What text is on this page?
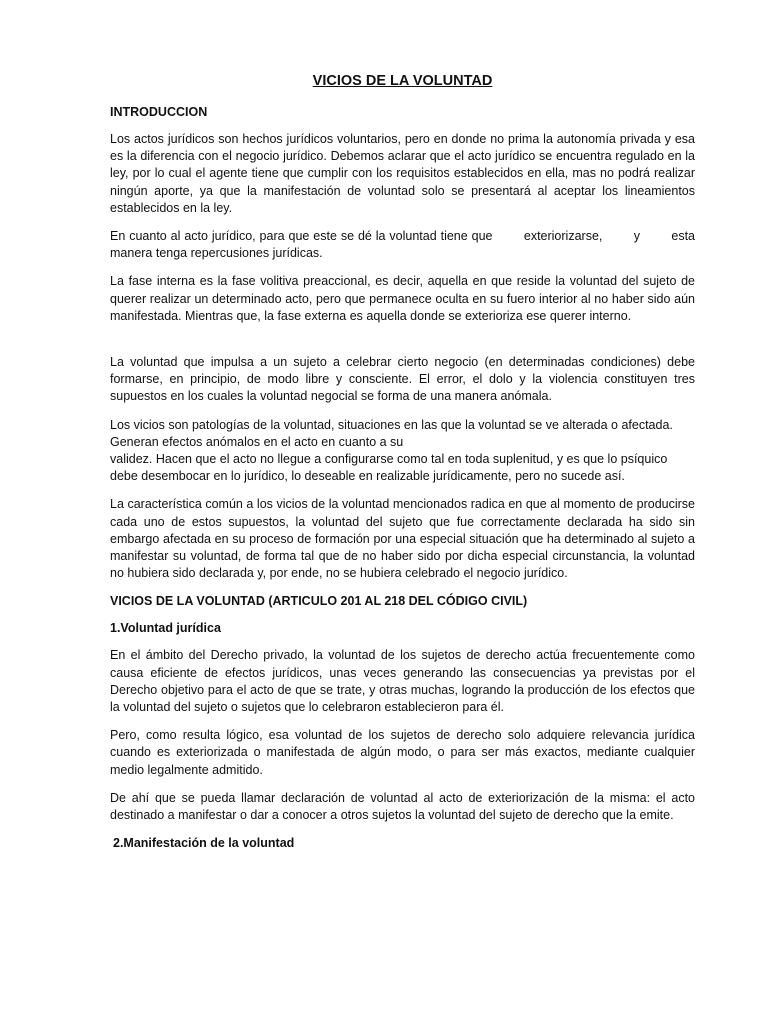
VICIOS DE LA VOLUNTAD
INTRODUCCION

Los actos jurídicos son hechos jurídicos voluntarios, pero en donde no prima la autonomía privada y esa es la diferencia con el negocio jurídico. Debemos aclarar que el acto jurídico se encuentra regulado en la ley, por lo cual el agente tiene que cumplir con los requisitos establecidos en ella, mas no podrá realizar ningún aporte, ya que la manifestación de voluntad solo se presentará al aceptar los lineamientos establecidos en la ley.

En cuanto al acto jurídico, para que este se dé la voluntad tiene que        exteriorizarse,        y        esta manera tenga repercusiones jurídicas.

La fase interna es la fase volitiva preaccional, es decir, aquella en que reside la voluntad del sujeto de querer realizar un determinado acto, pero que permanece oculta en su fuero interior al no haber sido aún manifestada. Mientras que, la fase externa es aquella donde se exterioriza ese querer interno.

La voluntad que impulsa a un sujeto a celebrar cierto negocio (en determinadas condiciones) debe formarse, en principio, de modo libre y consciente. El error, el dolo y la violencia constituyen tres supuestos en los cuales la voluntad negocial se forma de una manera anómala.

Los vicios son patologías de la voluntad, situaciones en las que la voluntad se ve alterada o afectada.
Generan efectos anómalos en el acto en cuanto a su
validez. Hacen que el acto no llegue a configurarse como tal en toda suplenitud, y es que lo psíquico debe desembocar en lo jurídico, lo deseable en realizable jurídicamente, pero no sucede así.

La característica común a los vicios de la voluntad mencionados radica en que al momento de producirse cada uno de estos supuestos, la voluntad del sujeto que fue correctamente declarada ha sido sin embargo afectada en su proceso de formación por una especial situación que ha determinado al sujeto a manifestar su voluntad, de forma tal que de no haber sido por dicha especial circunstancia, la voluntad no hubiera sido declarada y, por ende, no se hubiera celebrado el negocio jurídico.

VICIOS DE LA VOLUNTAD (ARTICULO 201 AL 218 DEL CÓDIGO CIVIL)
1.Voluntad jurídica

En el ámbito del Derecho privado, la voluntad de los sujetos de derecho actúa frecuentemente como causa eficiente de efectos jurídicos, unas veces generando las consecuencias ya previstas por el Derecho objetivo para el acto de que se trate, y otras muchas, logrando la producción de los efectos que la voluntad del sujeto o sujetos que lo celebraron establecieron para él.

Pero, como resulta lógico, esa voluntad de los sujetos de derecho solo adquiere relevancia jurídica cuando es exteriorizada o manifestada de algún modo, o para ser más exactos, mediante cualquier medio legalmente admitido.

De ahí que se pueda llamar declaración de voluntad al acto de exteriorización de la misma: el acto destinado a manifestar o dar a conocer a otros sujetos la voluntad del sujeto de derecho que la emite.

2.Manifestación de la voluntad
